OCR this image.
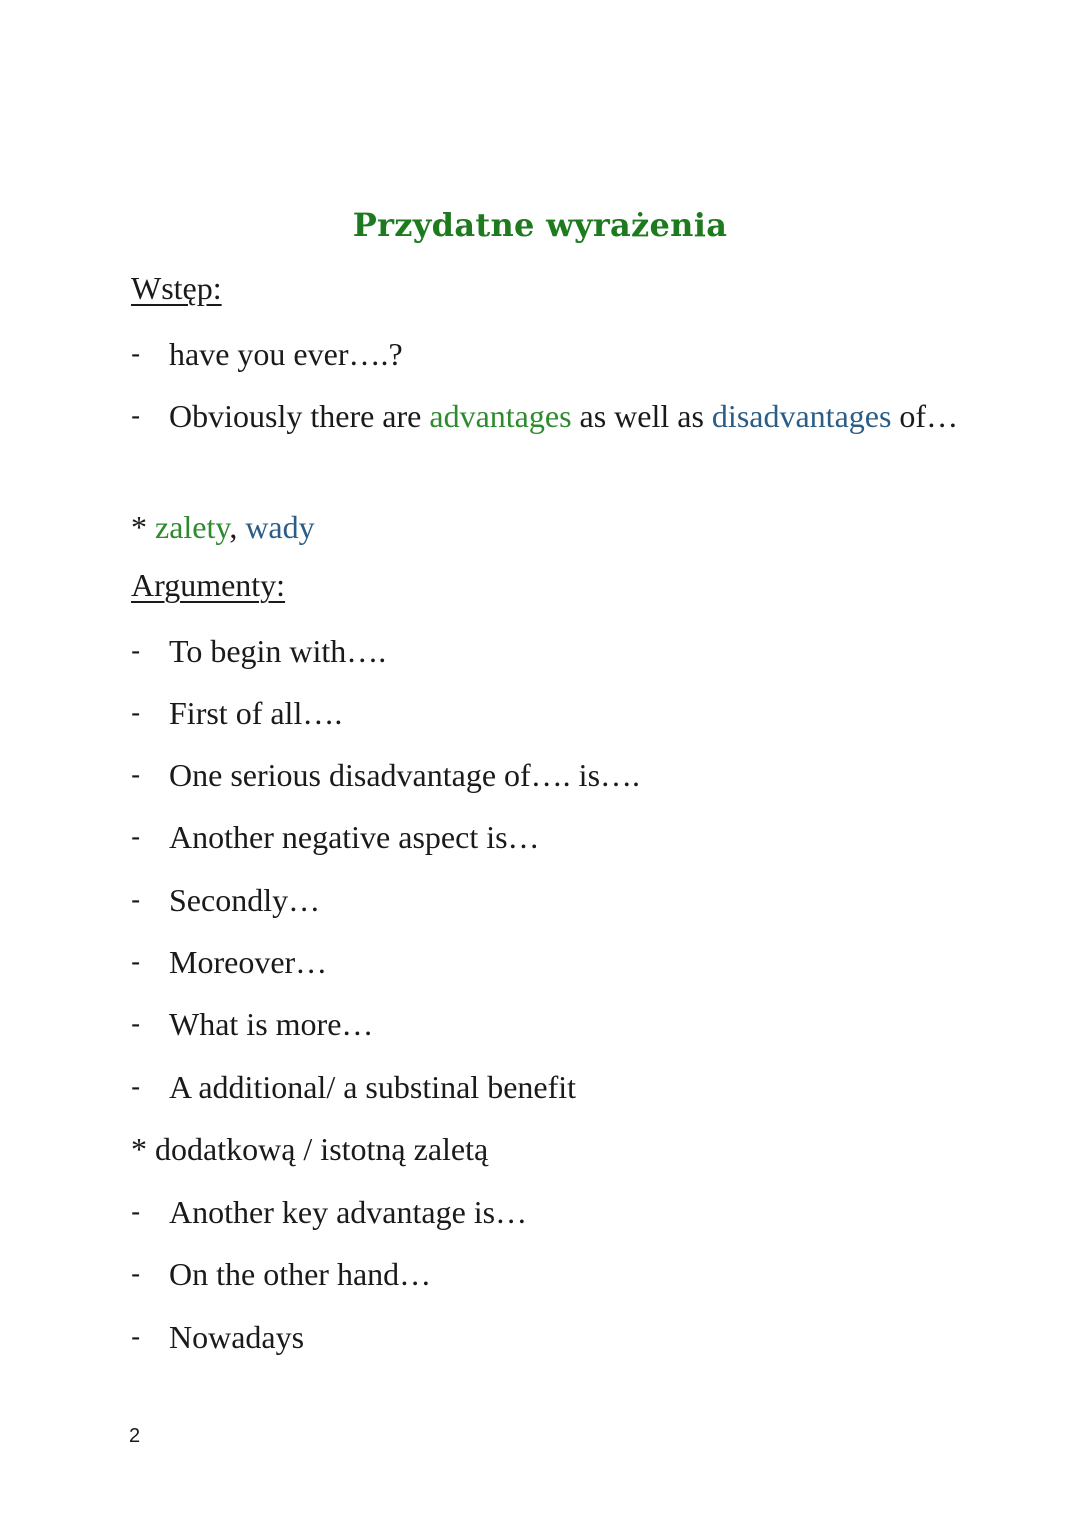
Przydatne wyrażenia
Wstęp:
- have you ever….?
- Obviously there are advantages as well as disadvantages of…
* zalety, wady
Argumenty:
- To begin with….
- First of all….
- One serious disadvantage of…. is….
- Another negative aspect is…
- Secondly…
- Moreover…
- What is more…
- A additional/ a substinal benefit
* dodatkową / istotną zaletą
- Another key advantage is…
- On the other hand…
- Nowadays
2
